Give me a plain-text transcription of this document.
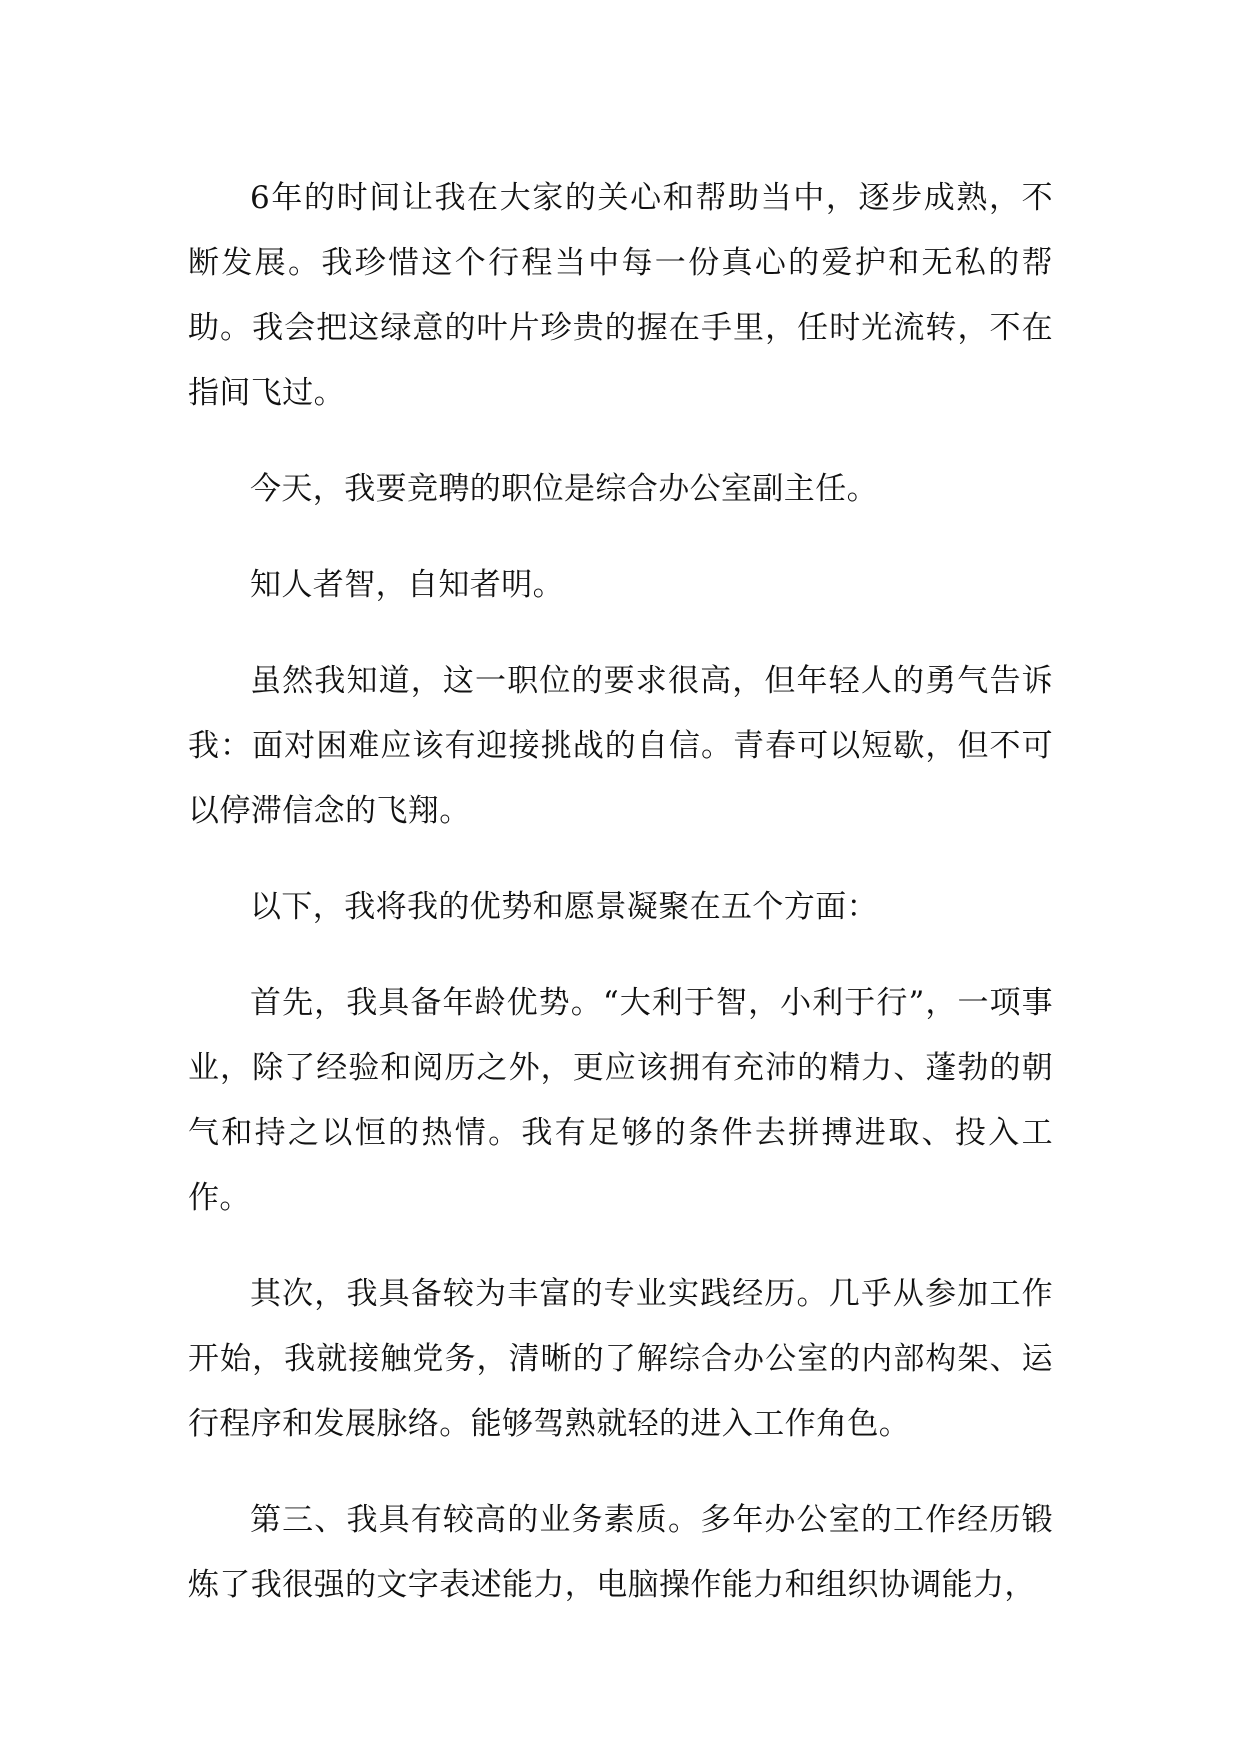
6年的时间让我在大家的关心和帮助当中，逐步成熟，不断发展。我珍惜这个行程当中每一份真心的爱护和无私的帮助。我会把这绿意的叶片珍贵的握在手里，任时光流转，不在指间飞过。

今天，我要竞聘的职位是综合办公室副主任。

知人者智，自知者明。

虽然我知道，这一职位的要求很高，但年轻人的勇气告诉我：面对困难应该有迎接挑战的自信。青春可以短歇，但不可以停滞信念的飞翔。

以下，我将我的优势和愿景凝聚在五个方面：

首先，我具备年龄优势。“大利于智，小利于行”，一项事业，除了经验和阅历之外，更应该拥有充沛的精力、蓬勃的朝气和持之以恒的热情。我有足够的条件去拼搏进取、投入工作。

其次，我具备较为丰富的专业实践经历。几乎从参加工作开始，我就接触党务，清晰的了解综合办公室的内部构架、运行程序和发展脉络。能够驾熟就轻的进入工作角色。

第三、我具有较高的业务素质。多年办公室的工作经历锻炼了我很强的文字表述能力，电脑操作能力和组织协调能力，
